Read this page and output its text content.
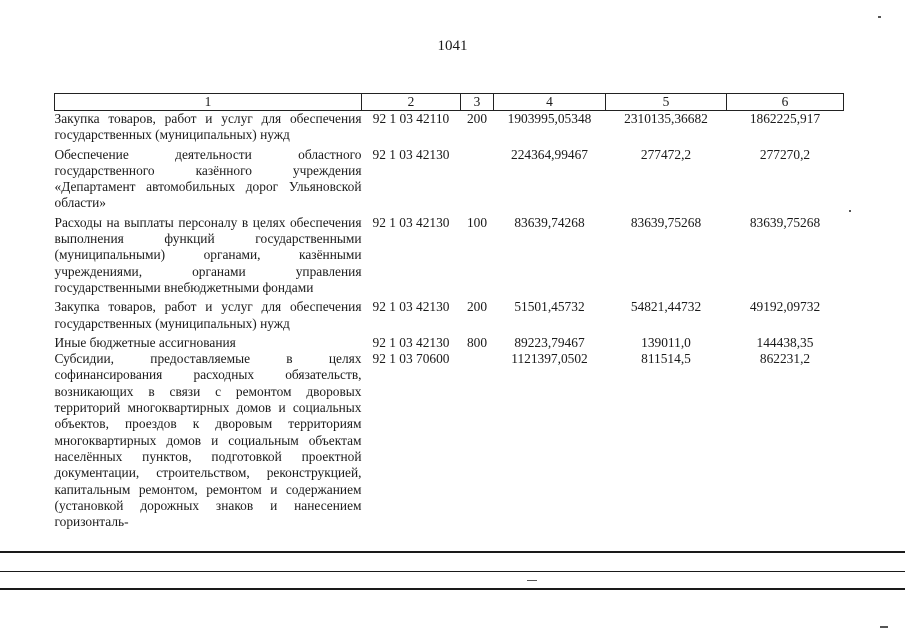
1041
1	2	3	4	5	6
Закупка товаров, работ и услуг для обеспечения государственных (муниципальных) нужд	92 1 03 42110	200	1903995,05348	2310135,36682	1862225,917
Обеспечение деятельности областного государственного казённого учреждения «Департамент автомобильных дорог Ульяновской области»	92 1 03 42130		224364,99467	277472,2	277270,2
Расходы на выплаты персоналу в целях обеспечения выполнения функций государственными (муниципальными) органами, казёнными учреждениями, органами управления государственными внебюджетными фондами	92 1 03 42130	100	83639,74268	83639,75268	83639,75268
Закупка товаров, работ и услуг для обеспечения государственных (муниципальных) нужд	92 1 03 42130	200	51501,45732	54821,44732	49192,09732
Иные бюджетные ассигнования	92 1 03 42130	800	89223,79467	139011,0	144438,35
Субсидии, предоставляемые в целях софинансирования расходных обязательств, возникающих в связи с ремонтом дворовых территорий многоквартирных домов и социальных объектов, проездов к дворовым территориям многоквартирных домов и социальным объектам населённых пунктов, подготовкой проектной документации, строительством, реконструкцией, капитальным ремонтом, ремонтом и содержанием (установкой дорожных знаков и нанесением горизонталь-	92 1 03 70600		1121397,0502	811514,5	862231,2
